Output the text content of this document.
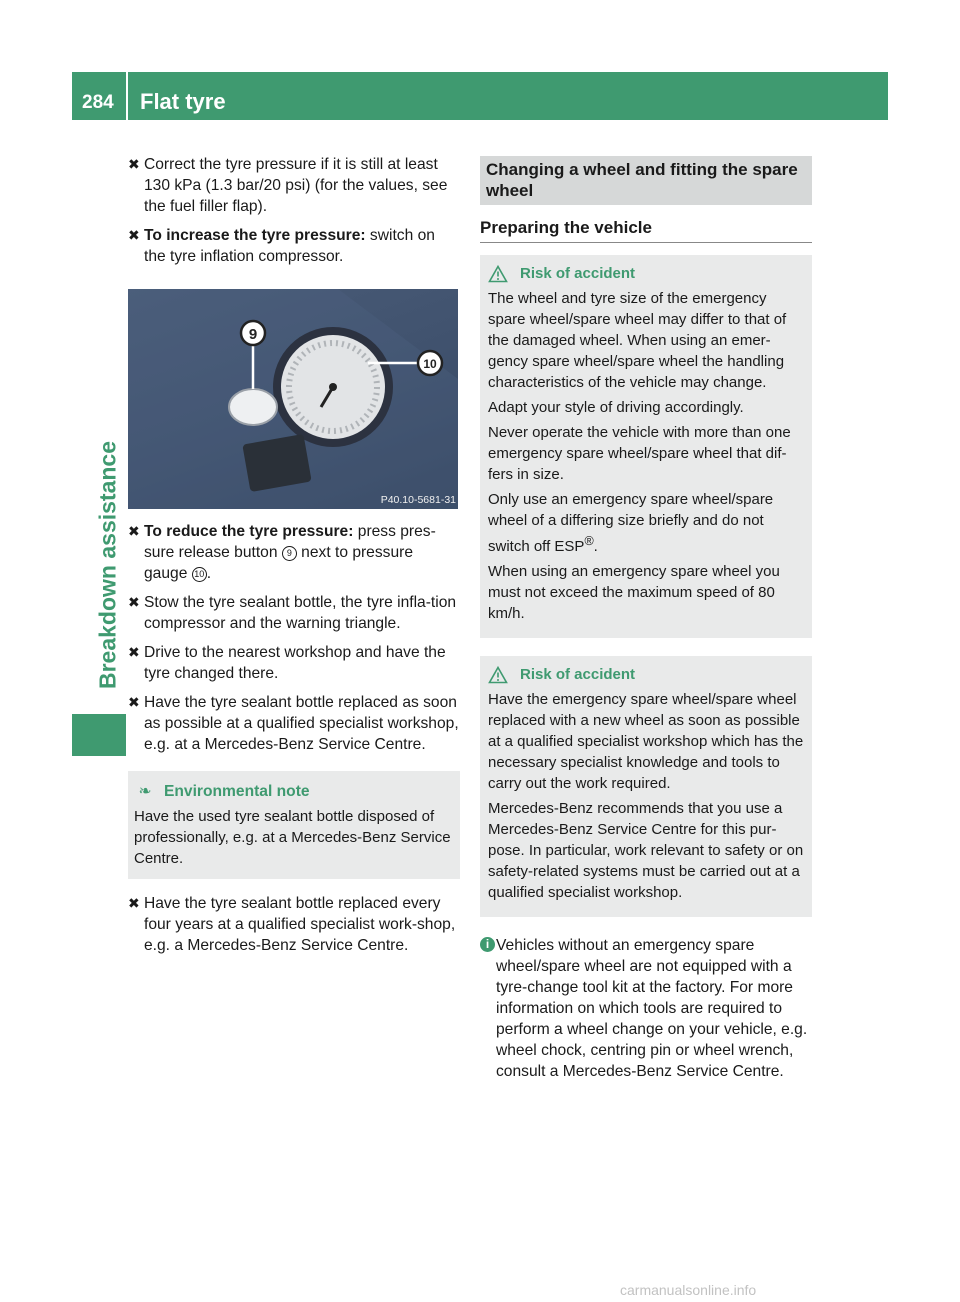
284 Flat tyre
Breakdown assistance
✖ Correct the tyre pressure if it is still at least 130 kPa (1.3 bar/20 psi) (for the values, see the fuel filler flap).
✖ To increase the tyre pressure: switch on the tyre inflation compressor.
9
10
P40.10-5681-31
✖ To reduce the tyre pressure: press pres-sure release button 9 next to pressure gauge 10 .
✖ Stow the tyre sealant bottle, the tyre infla-tion compressor and the warning triangle.
✖ Drive to the nearest workshop and have the tyre changed there.
✖ Have the tyre sealant bottle replaced as soon as possible at a qualified specialist workshop, e.g. at a Mercedes-Benz Service Centre.
❧ Environmental note
Have the used tyre sealant bottle disposed of professionally, e.g. at a Mercedes-Benz Service Centre.
✖ Have the tyre sealant bottle replaced every four years at a qualified specialist work-shop, e.g. a Mercedes-Benz Service Centre.
Changing a wheel and fitting the spare wheel
Preparing the vehicle
Risk of accident

The wheel and tyre size of the emergency spare wheel/spare wheel may differ to that of the damaged wheel. When using an emer-gency spare wheel/spare wheel the handling characteristics of the vehicle may change.

Adapt your style of driving accordingly.

Never operate the vehicle with more than one emergency spare wheel/spare wheel that dif-fers in size.

Only use an emergency spare wheel/spare wheel of a differing size briefly and do not switch off ESP®.

When using an emergency spare wheel you must not exceed the maximum speed of 80 km/h.

Risk of accident

Have the emergency spare wheel/spare wheel replaced with a new wheel as soon as possible at a qualified specialist workshop which has the necessary specialist knowledge and tools to carry out the work required.

Mercedes-Benz recommends that you use a Mercedes-Benz Service Centre for this pur-pose. In particular, work relevant to safety or on safety-related systems must be carried out at a qualified specialist workshop.

i Vehicles without an emergency spare wheel/spare wheel are not equipped with a tyre-change tool kit at the factory. For more information on which tools are required to perform a wheel change on your vehicle, e.g. wheel chock, centring pin or wheel wrench, consult a Mercedes-Benz Service Centre.
carmanualsonline.info
